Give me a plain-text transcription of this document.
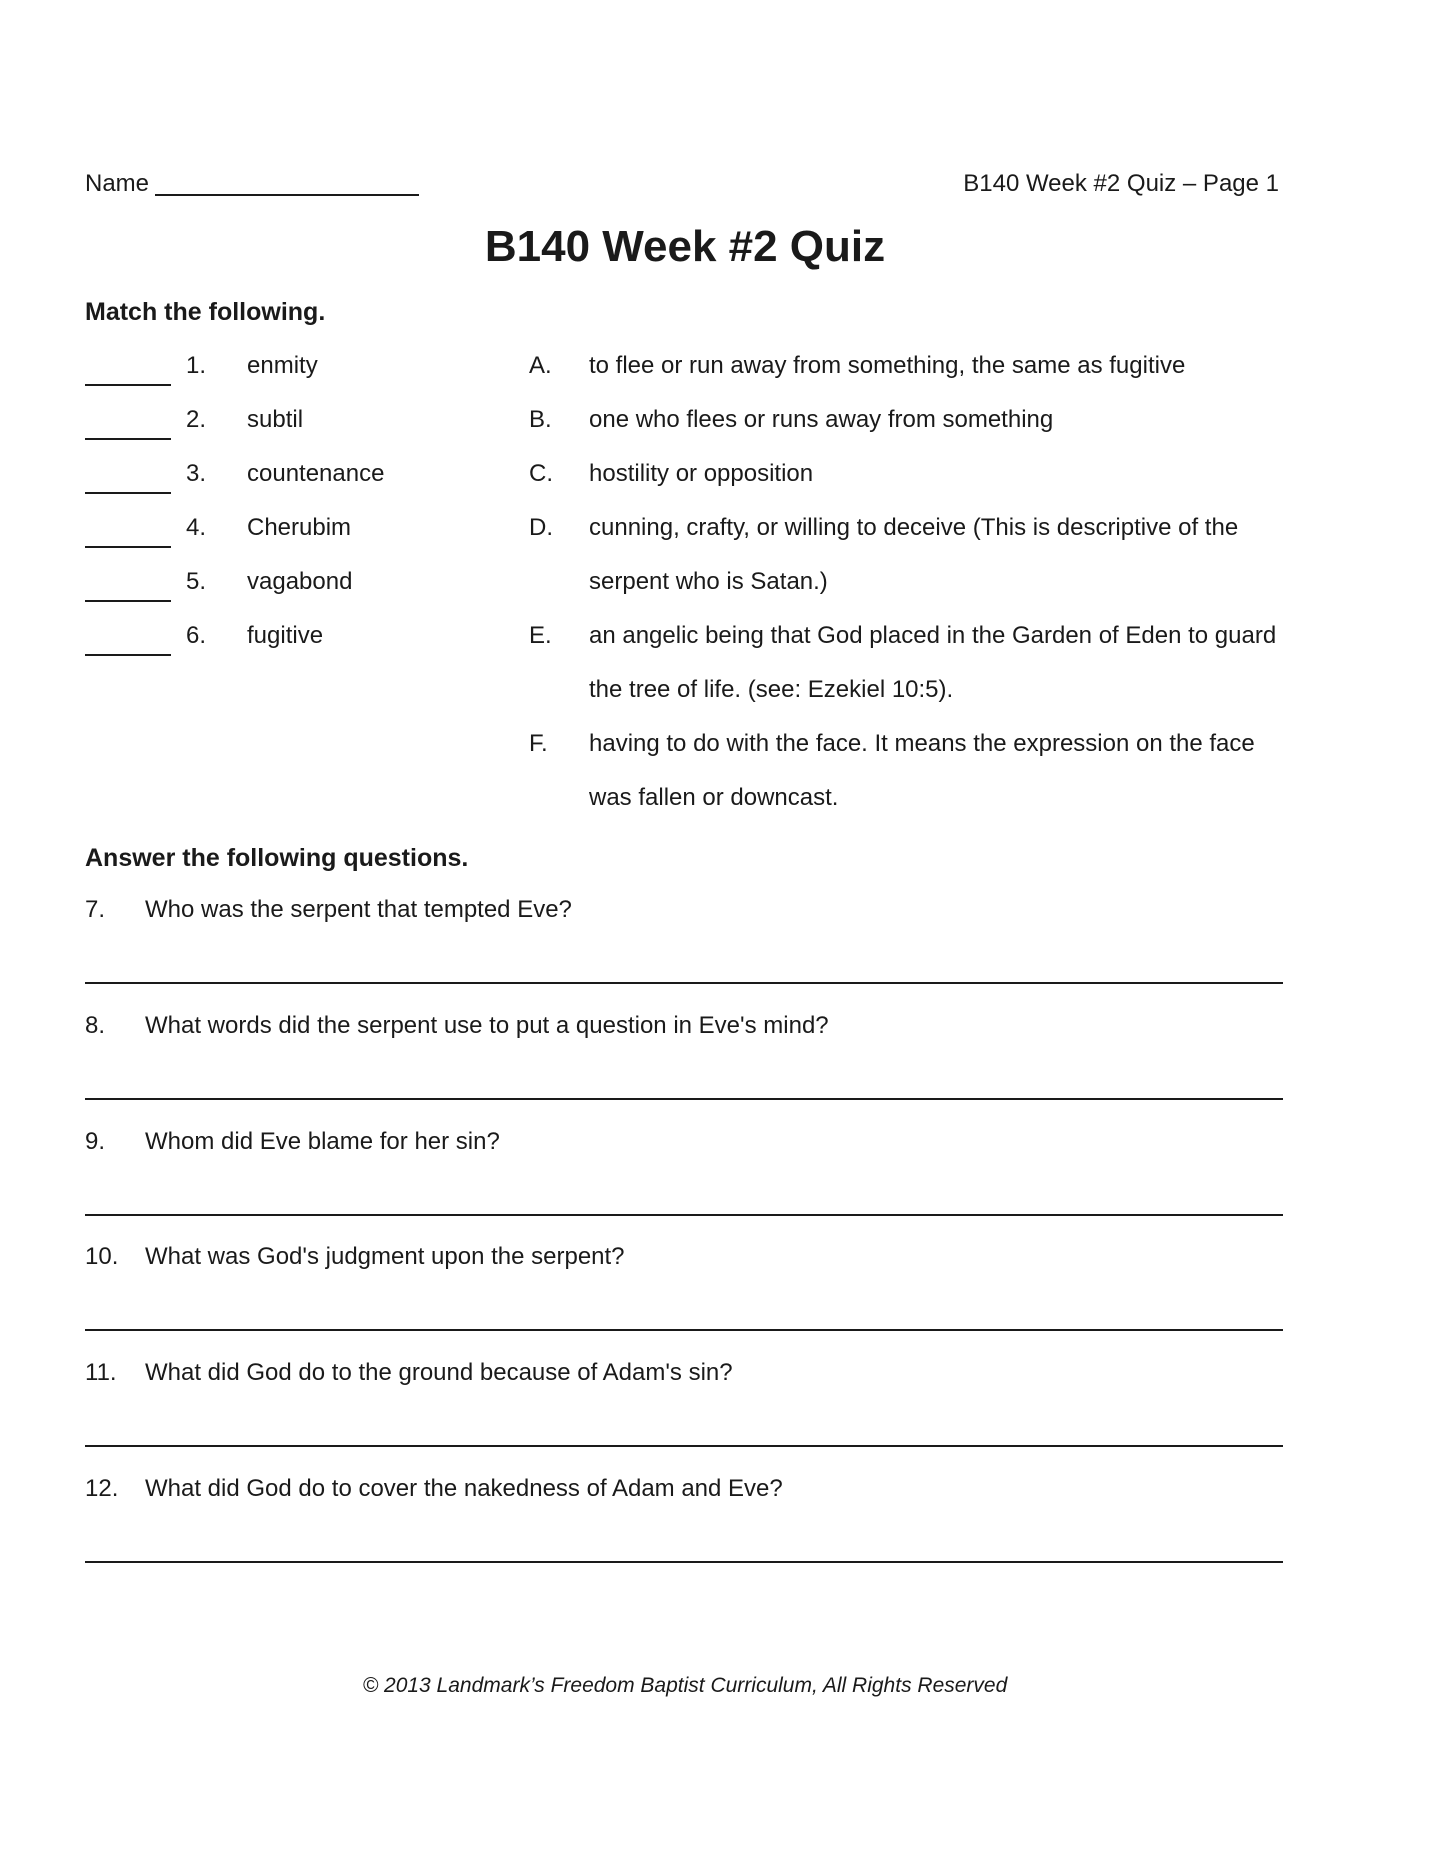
Name	B140 Week #2 Quiz – Page 1
B140 Week #2 Quiz
Match the following.
1. enmity
2. subtil
3. countenance
4. Cherubim
5. vagabond
6. fugitive
A. to flee or run away from something, the same as fugitive
B. one who flees or runs away from something
C. hostility or opposition
D. cunning, crafty, or willing to deceive (This is descriptive of the
serpent who is Satan.)
E. an angelic being that God placed in the Garden of Eden to guard
the tree of life. (see: Ezekiel 10:5).
F. having to do with the face. It means the expression on the face
was fallen or downcast.
Answer the following questions.
7. Who was the serpent that tempted Eve?
8. What words did the serpent use to put a question in Eve's mind?
9. Whom did Eve blame for her sin?
10. What was God's judgment upon the serpent?
11. What did God do to the ground because of Adam's sin?
12. What did God do to cover the nakedness of Adam and Eve?
© 2013 Landmark’s Freedom Baptist Curriculum, All Rights Reserved
